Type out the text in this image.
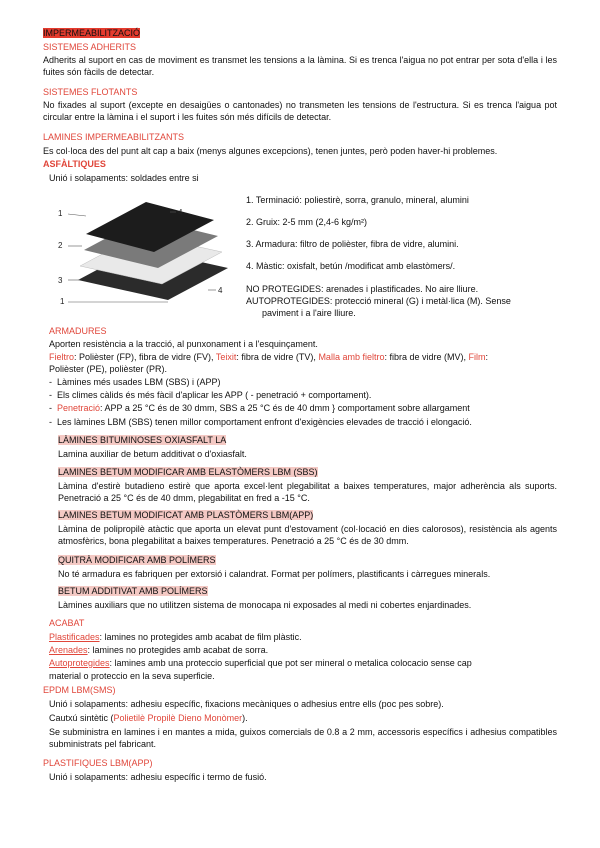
IMPERMEABILITZACIÓ
SISTEMES ADHERITS
Adherits al suport en cas de moviment es transmet les tensions a la làmina. Si es trenca l'aigua no pot entrar per sota d'ella i les fuites són fàcils de detectar.
SISTEMES FLOTANTS
No fixades al suport (excepte en desaigües o cantonades) no transmeten les tensions de l'estructura. Si es trenca l'aigua pot circular entre la làmina i el suport i les fuites són més difícils de detectar.
LAMINES IMPERMEABILITZANTS
Es col·loca des del punt alt cap a baix (menys algunes excepcions), tenen juntes, però poden haver-hi problemes.
ASFÀLTIQUES
Unió i solapaments: soldades entre si
1
2
3
1
4
4
1. Terminació: poliestirè, sorra, granulo, mineral, alumini
2. Gruix: 2-5 mm (2,4-6 kg/m²)
3. Armadura: filtro de polièster, fibra de vidre, alumini.
4. Màstic: oxisfalt, betún /modificat amb elastòmers/.
NO PROTEGIDES: arenades i plastificades. No aire lliure.
AUTOPROTEGIDES: protecció mineral (G) i metàl·lica (M). Sense
paviment i a l'aire lliure.
ARMADURES
Aporten resistència a la tracció, al punxonament i a l'esquinçament.
Fieltro: Polièster (FP), fibra de vidre (FV), Teixit: fibra de vidre (TV), Malla amb fieltro: fibra de vidre (MV), Film:
Polièster (PE), polièster (PR).
-  Làmines més usades LBM (SBS) i (APP)
-  Els climes càlids és més fàcil d'aplicar les APP ( - penetració + comportament).
-  Penetració: APP a 25 °C és de 30 dmm, SBS a 25 °C és de 40 dmm } comportament sobre allargament
-  Les làmines LBM (SBS) tenen millor comportament enfront d'exigències elevades de tracció i elongació.
LÀMINES BITUMINOSES OXIASFALT LA
Lamina auxiliar de betum additivat o d'oxiasfalt.
LAMINES BETUM MODIFICAR AMB ELASTÒMERS LBM (SBS)
Làmina d'estirè butadieno estirè que aporta excel·lent plegabilitat a baixes temperatures, major adherència als suports. Penetració a 25 °C és de 40 dmm, plegabilitat en fred a -15 °C.
LAMINES BETUM MODIFICAT AMB PLASTÒMERS LBM(APP)
Làmina de polipropilè atàctic que aporta un elevat punt d'estovament (col·locació en dies calorosos), resistència als agents atmosfèrics, bona plegabilitat a baixes temperatures. Penetració a 25 °C és de 30 dmm.
QUITRÀ MODIFICAR AMB POLÍMERS
No té armadura es fabriquen per extorsió i calandrat. Format per polímers, plastificants i càrregues minerals.
BETUM ADDITIVAT AMB POLÍMERS
Làmines auxiliars que no utilitzen sistema de monocapa ni exposades al medi ni cobertes enjardinades.
ACABAT
Plastificades: lamines no protegides amb acabat de film plàstic.
Arenades: lamines no protegides amb acabat de sorra.
Autoprotegides: lamines amb una proteccio superficial que pot ser mineral o metalica colocacio sense cap
material o proteccio en la seva superficie.
EPDM LBM(SMS)
Unió i solapaments: adhesiu específic, fixacions mecàniques o adhesius entre ells (poc pes sobre).
Cautxú sintètic (Polietilè Propilè Dieno Monòmer).
Se subministra en lamines i en mantes a mida, guixos comercials de 0.8 a 2 mm, accessoris específics i adhesius compatibles subministrats pel fabricant.
PLASTIFIQUES LBM(APP)
Unió i solapaments: adhesiu específic i termo de fusió.
